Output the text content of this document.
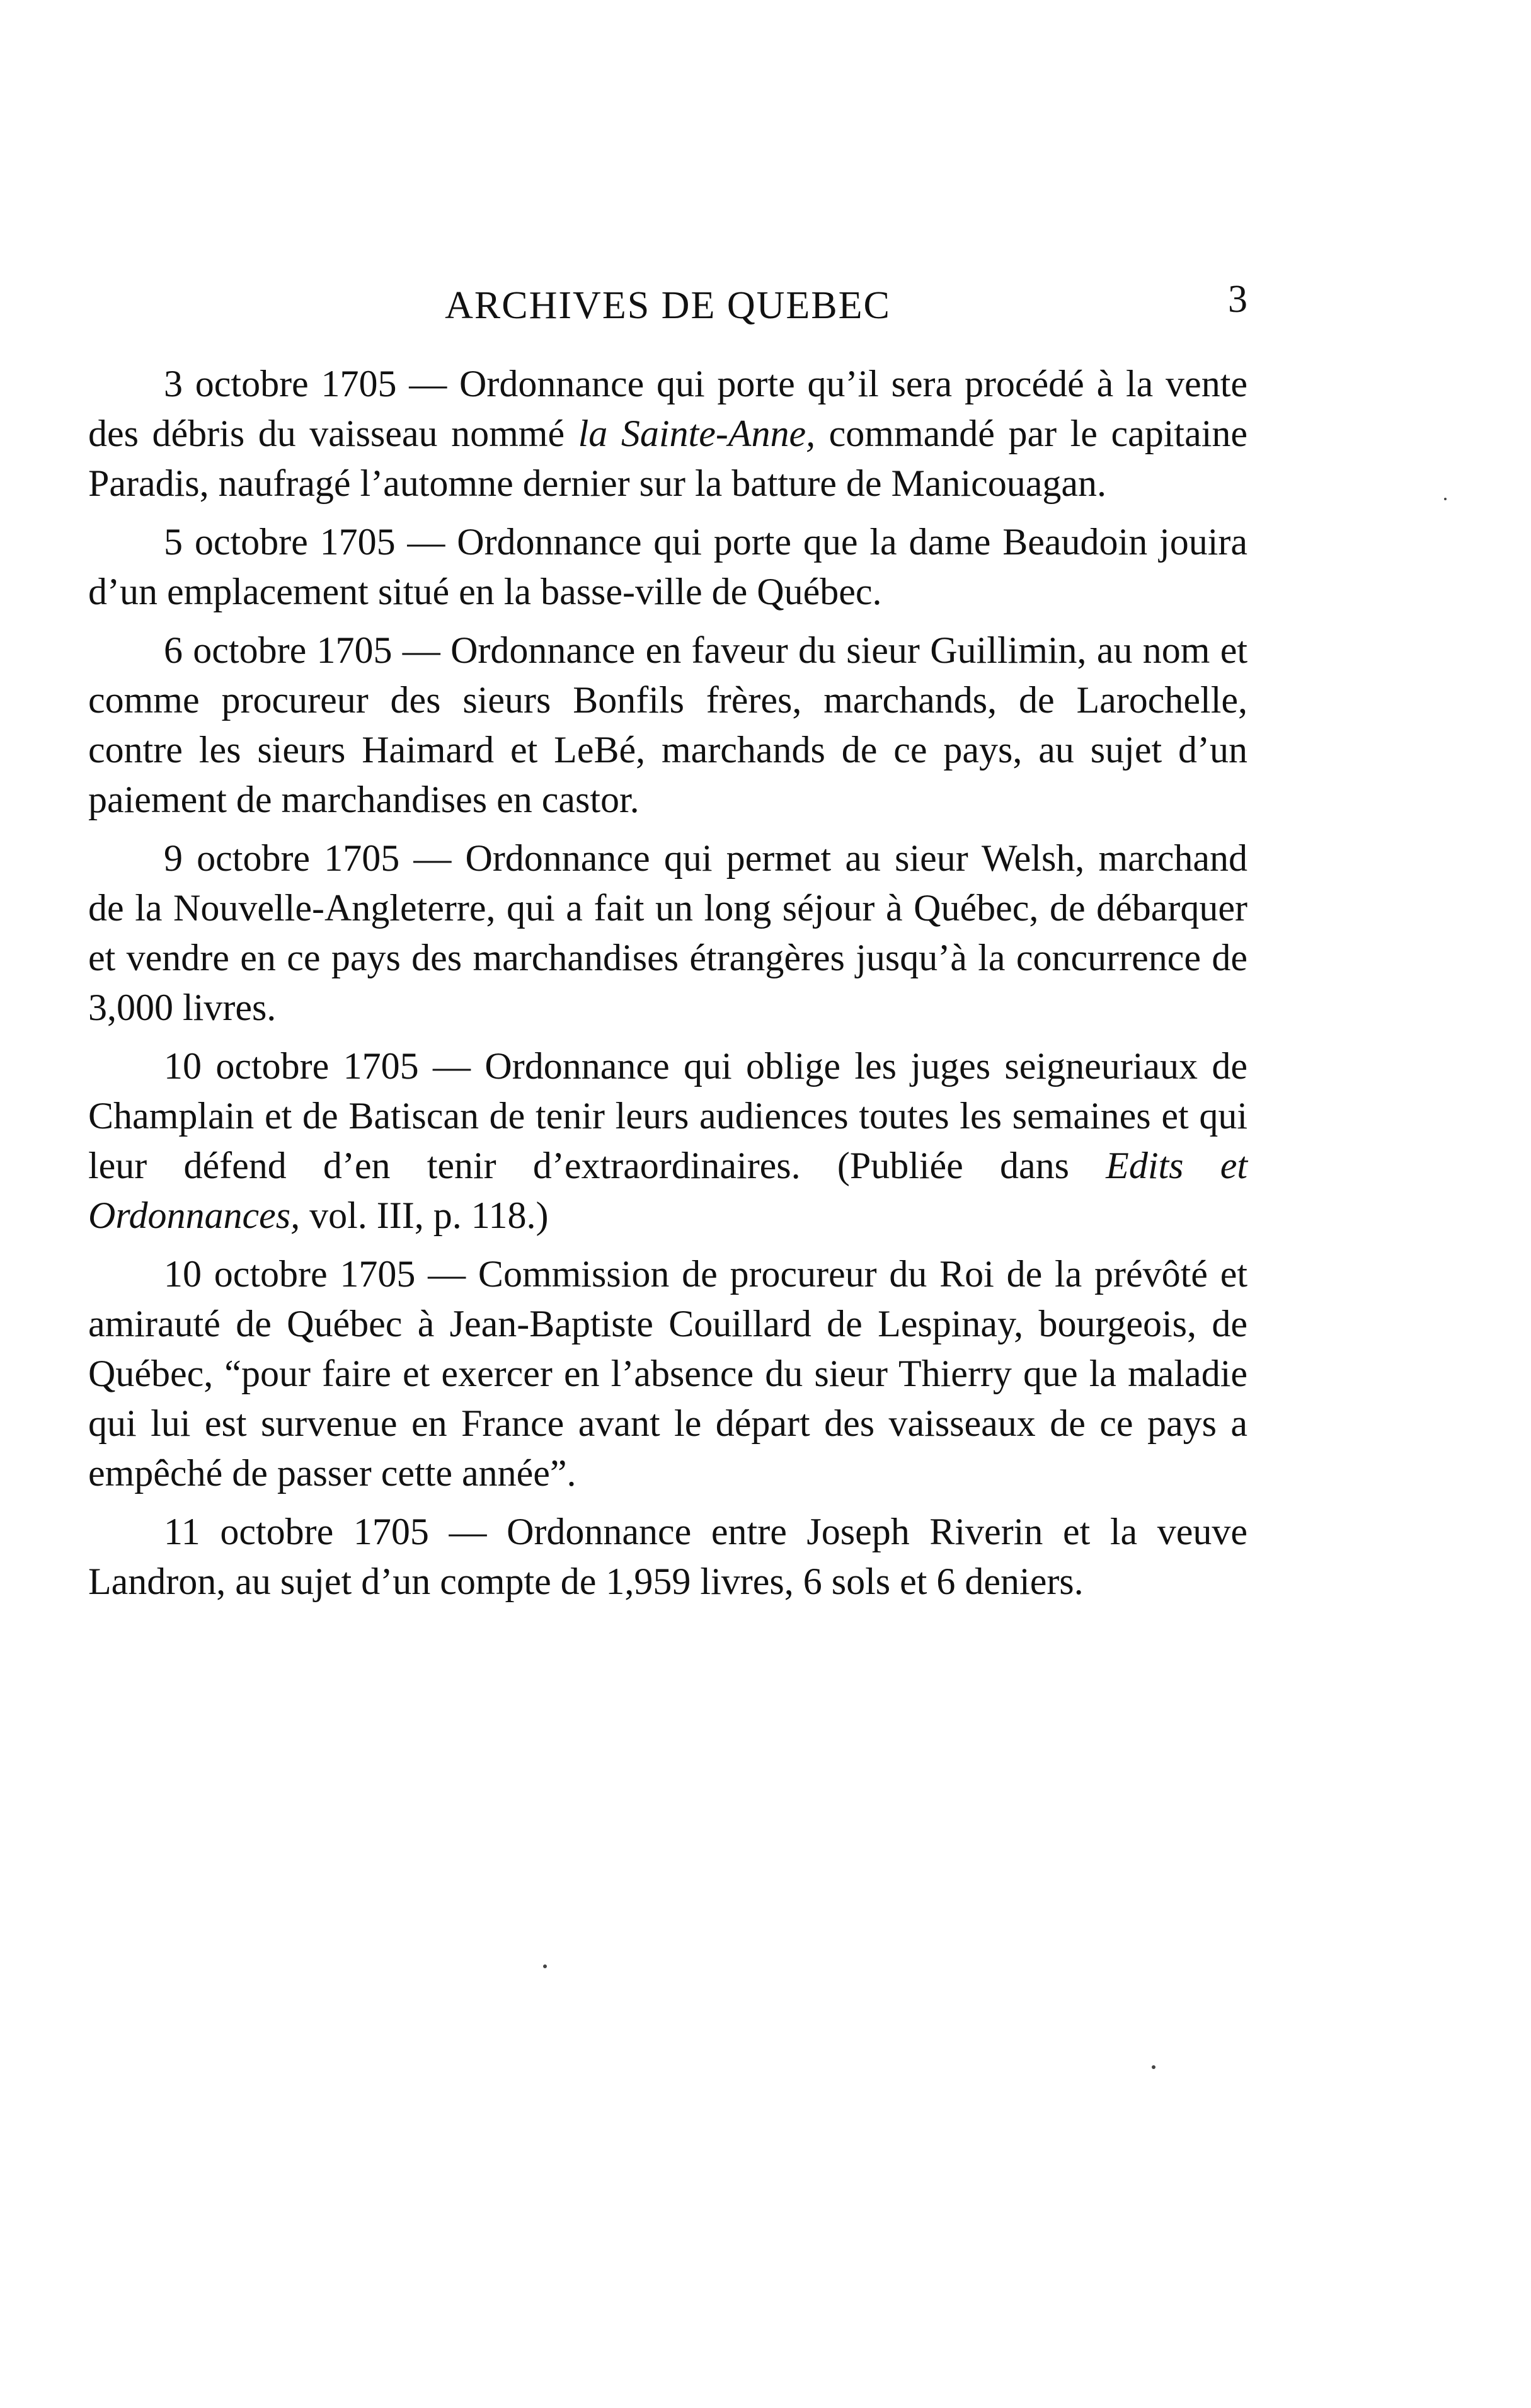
ARCHIVES DE QUEBEC	3

3 octobre 1705 — Ordonnance qui porte qu’il sera procédé à la vente des débris du vaisseau nommé la Sainte-Anne, commandé par le capitaine Paradis, naufragé l’automne dernier sur la batture de Manicouagan.

5 octobre 1705 — Ordonnance qui porte que la dame Beaudoin jouira d’un emplacement situé en la basse-ville de Québec.

6 octobre 1705 — Ordonnance en faveur du sieur Guillimin, au nom et comme procureur des sieurs Bonfils frères, marchands, de Larochelle, contre les sieurs Haimard et LeBé, marchands de ce pays, au sujet d’un paiement de marchandises en castor.

9 octobre 1705 — Ordonnance qui permet au sieur Welsh, marchand de la Nouvelle-Angleterre, qui a fait un long séjour à Québec, de débarquer et vendre en ce pays des marchandises étrangères jusqu’à la concurrence de 3,000 livres.

10 octobre 1705 — Ordonnance qui oblige les juges seigneuriaux de Champlain et de Batiscan de tenir leurs audiences toutes les semaines et qui leur défend d’en tenir d’extraordinaires. (Publiée dans Edits et Ordonnances, vol. III, p. 118.)

10 octobre 1705 — Commission de procureur du Roi de la prévôté et amirauté de Québec à Jean-Baptiste Couillard de Lespinay, bourgeois, de Québec, “pour faire et exercer en l’absence du sieur Thierry que la maladie qui lui est survenue en France avant le départ des vaisseaux de ce pays a empêché de passer cette année”.

11 octobre 1705 — Ordonnance entre Joseph Riverin et la veuve Landron, au sujet d’un compte de 1,959 livres, 6 sols et 6 deniers.
